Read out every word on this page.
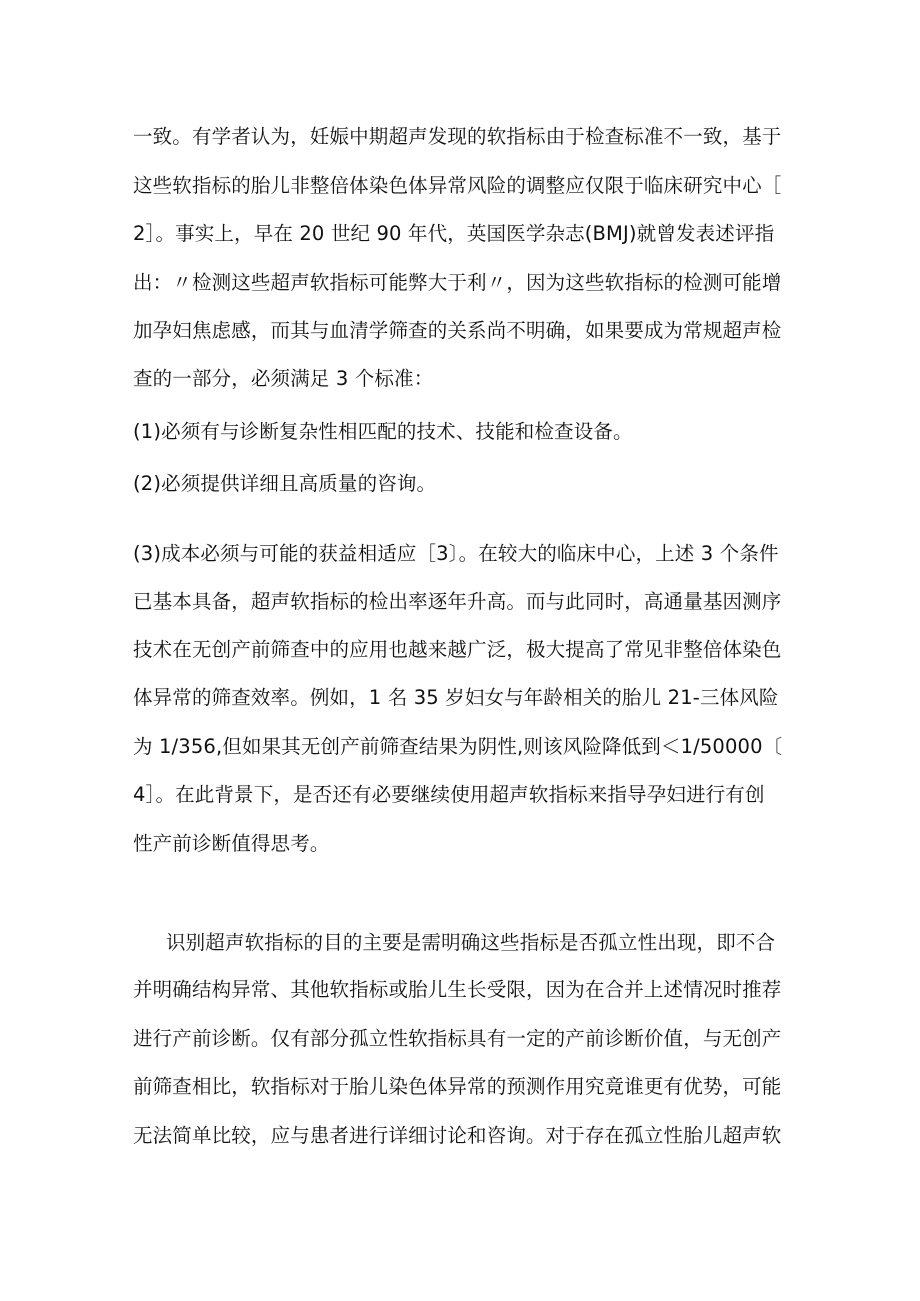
一致。有学者认为，妊娠中期超声发现的软指标由于检查标准不一致，基于
这些软指标的胎儿非整倍体染色体异常风险的调整应仅限于临床研究中心［
2］。事实上，早在 20 世纪 90 年代，英国医学杂志(BMJ)就曾发表述评指
出：〃检测这些超声软指标可能弊大于利〃，因为这些软指标的检测可能增
加孕妇焦虑感，而其与血清学筛查的关系尚不明确，如果要成为常规超声检
查的一部分，必须满足 3 个标准：
(1)必须有与诊断复杂性相匹配的技术、技能和检查设备。
(2)必须提供详细且高质量的咨询。
(3)成本必须与可能的获益相适应［3〕。在较大的临床中心，上述 3 个条件
已基本具备，超声软指标的检出率逐年升高。而与此同时，高通量基因测序
技术在无创产前筛查中的应用也越来越广泛，极大提高了常见非整倍体染色
体异常的筛查效率。例如，1 名 35 岁妇女与年龄相关的胎儿 21-三体风险
为 1/356,但如果其无创产前筛查结果为阴性,则该风险降低到＜1/50000〔
4］。在此背景下，是否还有必要继续使用超声软指标来指导孕妇进行有创
性产前诊断值得思考。
识别超声软指标的目的主要是需明确这些指标是否孤立性出现，即不合
并明确结构异常、其他软指标或胎儿生长受限，因为在合并上述情况时推荐
进行产前诊断。仅有部分孤立性软指标具有一定的产前诊断价值，与无创产
前筛查相比，软指标对于胎儿染色体异常的预测作用究竟谁更有优势，可能
无法简单比较，应与患者进行详细讨论和咨询。对于存在孤立性胎儿超声软
